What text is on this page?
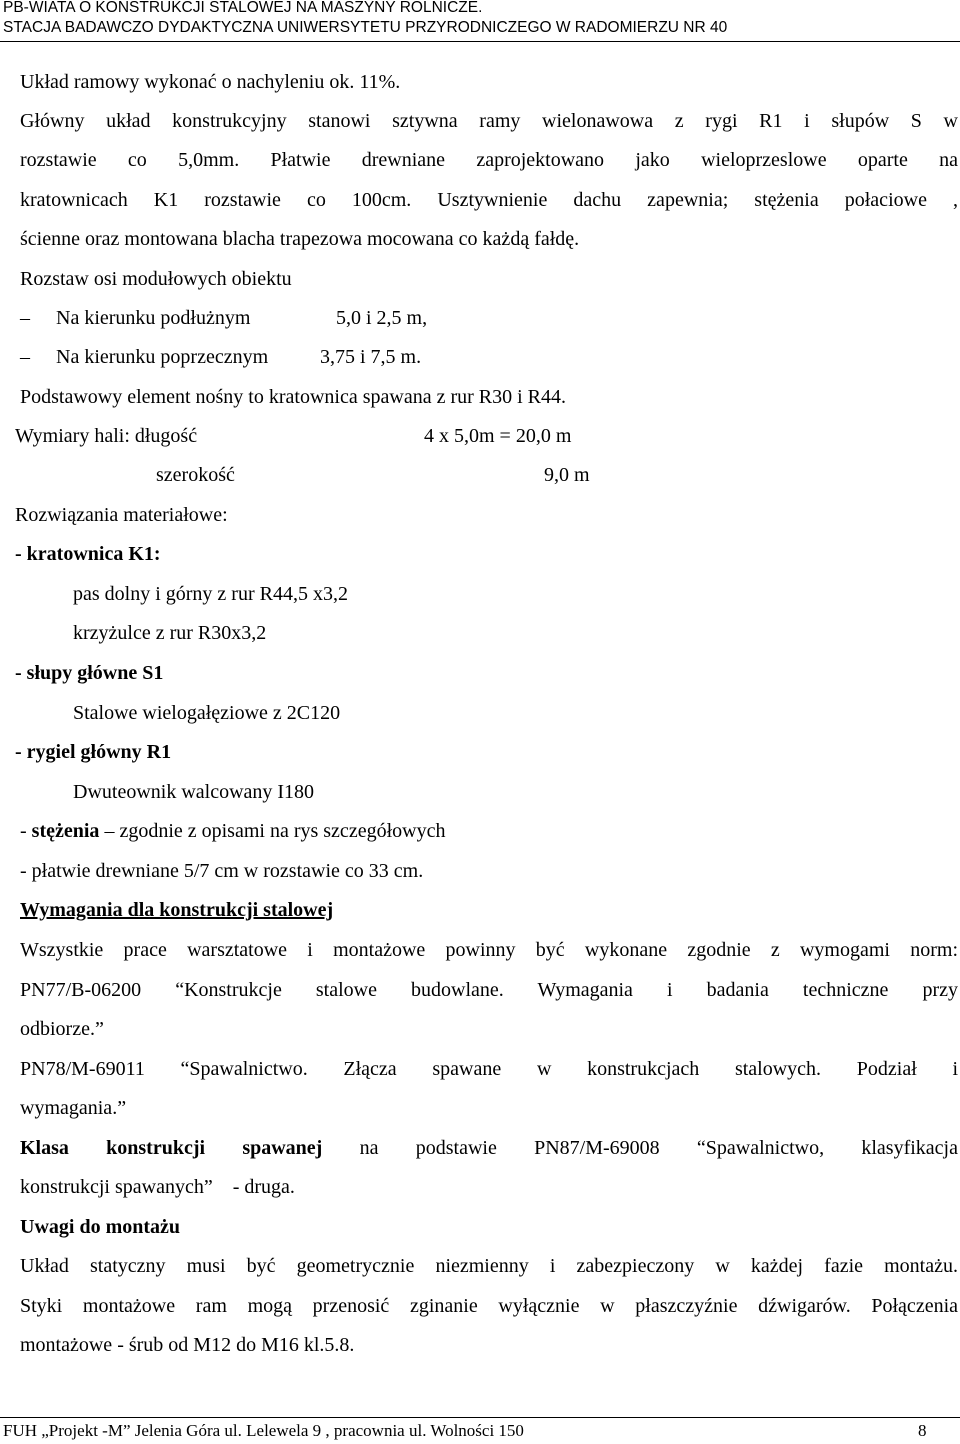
PB-WIATA O KONSTRUKCJI STALOWEJ NA MASZYNY ROLNICZE.
STACJA BADAWCZO DYDAKTYCZNA UNIWERSYTETU PRZYRODNICZEGO W RADOMIERZU NR 40
Układ ramowy wykonać o nachyleniu ok. 11%.
Główny układ konstrukcyjny stanowi sztywna ramy wielonawowa z rygi R1 i słupów S w
rozstawie co 5,0mm. Płatwie drewniane zaprojektowano jako wieloprzeslowe oparte na
kratownicach K1 rozstawie co 100cm. Usztywnienie dachu zapewnia; stężenia połaciowe ,
ścienne oraz montowana blacha trapezowa mocowana co każdą fałdę.
Rozstaw osi modułowych obiektu
– Na kierunku podłużnym	5,0 i 2,5 m,
– Na kierunku poprzecznym	3,75 i 7,5 m.
Podstawowy element nośny to kratownica spawana z rur R30 i R44.
Wymiary hali: długość	4 x 5,0m = 20,0 m
szerokość	9,0 m
Rozwiązania materiałowe:
- kratownica K1:
pas dolny i górny z rur R44,5 x3,2
krzyżulce z rur R30x3,2
- słupy główne S1
Stalowe wielogałęziowe z 2C120
- rygiel główny R1
Dwuteownik walcowany I180
- stężenia – zgodnie z opisami na rys szczegółowych
- płatwie drewniane 5/7 cm w rozstawie co 33 cm.
Wymagania dla konstrukcji stalowej
Wszystkie prace warsztatowe i montażowe powinny być wykonane zgodnie z wymogami norm:
PN77/B-06200 “Konstrukcje stalowe budowlane. Wymagania i badania techniczne przy
odbiorze.”
PN78/M-69011 “Spawalnictwo. Złącza spawane w konstrukcjach stalowych. Podział i
wymagania.”
Klasa konstrukcji spawanej na podstawie PN87/M-69008 “Spawalnictwo, klasyfikacja
konstrukcji spawanych”    - druga.
Uwagi do montażu
Układ statyczny musi być geometrycznie niezmienny i zabezpieczony w każdej fazie montażu.
Styki montażowe ram mogą przenosić zginanie wyłącznie w płaszczyźnie dźwigarów. Połączenia
montażowe - śrub od M12 do M16 kl.5.8.
FUH „Projekt -M” Jelenia Góra ul. Lelewela 9 , pracownia ul. Wolności 150	8
